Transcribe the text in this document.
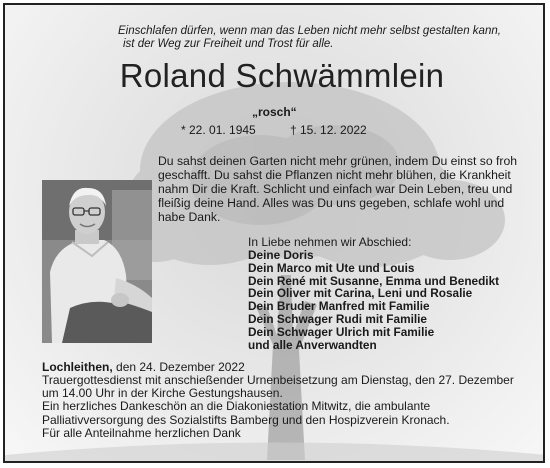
Einschlafen dürfen, wenn man das Leben nicht mehr selbst gestalten kann,
ist der Weg zur Freiheit und Trost für alle.
Roland Schwämmlein
„rosch“
* 22. 01. 1945	† 15. 12. 2022
Du sahst deinen Garten nicht mehr grünen, indem Du einst so froh geschafft. Du sahst die Pflanzen nicht mehr blühen, die Krankheit nahm Dir die Kraft. Schlicht und einfach war Dein Leben, treu und fleißig deine Hand. Alles was Du uns gegeben, schlafe wohl und habe Dank.
In Liebe nehmen wir Abschied:
Deine Doris
Dein Marco mit Ute und Louis
Dein René mit Susanne, Emma und Benedikt
Dein Oliver mit Carina, Leni und Rosalie
Dein Bruder Manfred mit Familie
Dein Schwager Rudi mit Familie
Dein Schwager Ulrich mit Familie
und alle Anverwandten
Lochleithen, den 24. Dezember 2022

Trauergottesdienst mit anschießender Urnenbeisetzung am Dienstag, den 27. Dezember um 14.00 Uhr in der Kirche Gestungshausen.

Ein herzliches Dankeschön an die Diakoniestation Mitwitz, die ambulante Palliativversorgung des Sozialstifts Bamberg und den Hospizverein Kronach.

Für alle Anteilnahme herzlichen Dank
